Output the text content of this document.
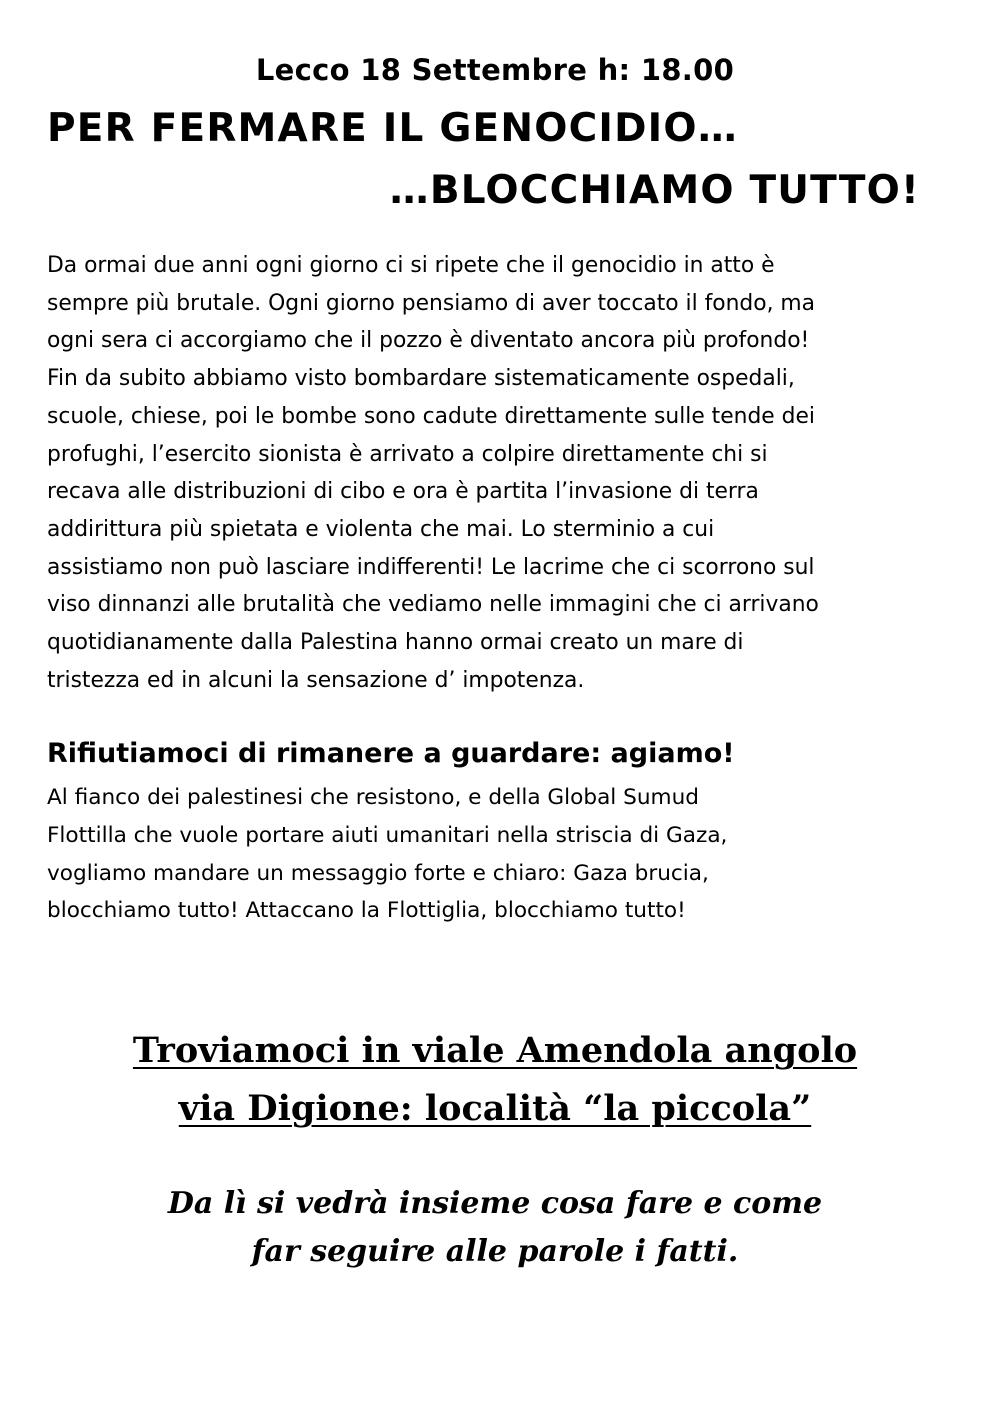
Lecco 18 Settembre h: 18.00
PER FERMARE IL GENOCIDIO…
…BLOCCHIAMO TUTTO!
Da ormai due anni ogni giorno ci si ripete che il genocidio in atto è
sempre più brutale. Ogni giorno pensiamo di aver toccato il fondo, ma
ogni sera ci accorgiamo che il pozzo è diventato ancora più profondo!
Fin da subito abbiamo visto bombardare sistematicamente ospedali,
scuole, chiese, poi le bombe sono cadute direttamente sulle tende dei
profughi, l’esercito sionista è arrivato a colpire direttamente chi si
recava alle distribuzioni di cibo e ora è partita l’invasione di terra
addirittura più spietata e violenta che mai. Lo sterminio a cui
assistiamo non può lasciare indifferenti! Le lacrime che ci scorrono sul
viso dinnanzi alle brutalità che vediamo nelle immagini che ci arrivano
quotidianamente dalla Palestina hanno ormai creato un mare di
tristezza ed in alcuni la sensazione d’ impotenza.
Rifiutiamoci di rimanere a guardare: agiamo!
Al fianco dei palestinesi che resistono, e della Global Sumud
Flottilla che vuole portare aiuti umanitari nella striscia di Gaza,
vogliamo mandare un messaggio forte e chiaro: Gaza brucia,
blocchiamo tutto! Attaccano la Flottiglia, blocchiamo tutto!
Troviamoci in viale Amendola angolo
via Digione: località “la piccola”
Da lì si vedrà insieme cosa fare e come
far seguire alle parole i fatti.
